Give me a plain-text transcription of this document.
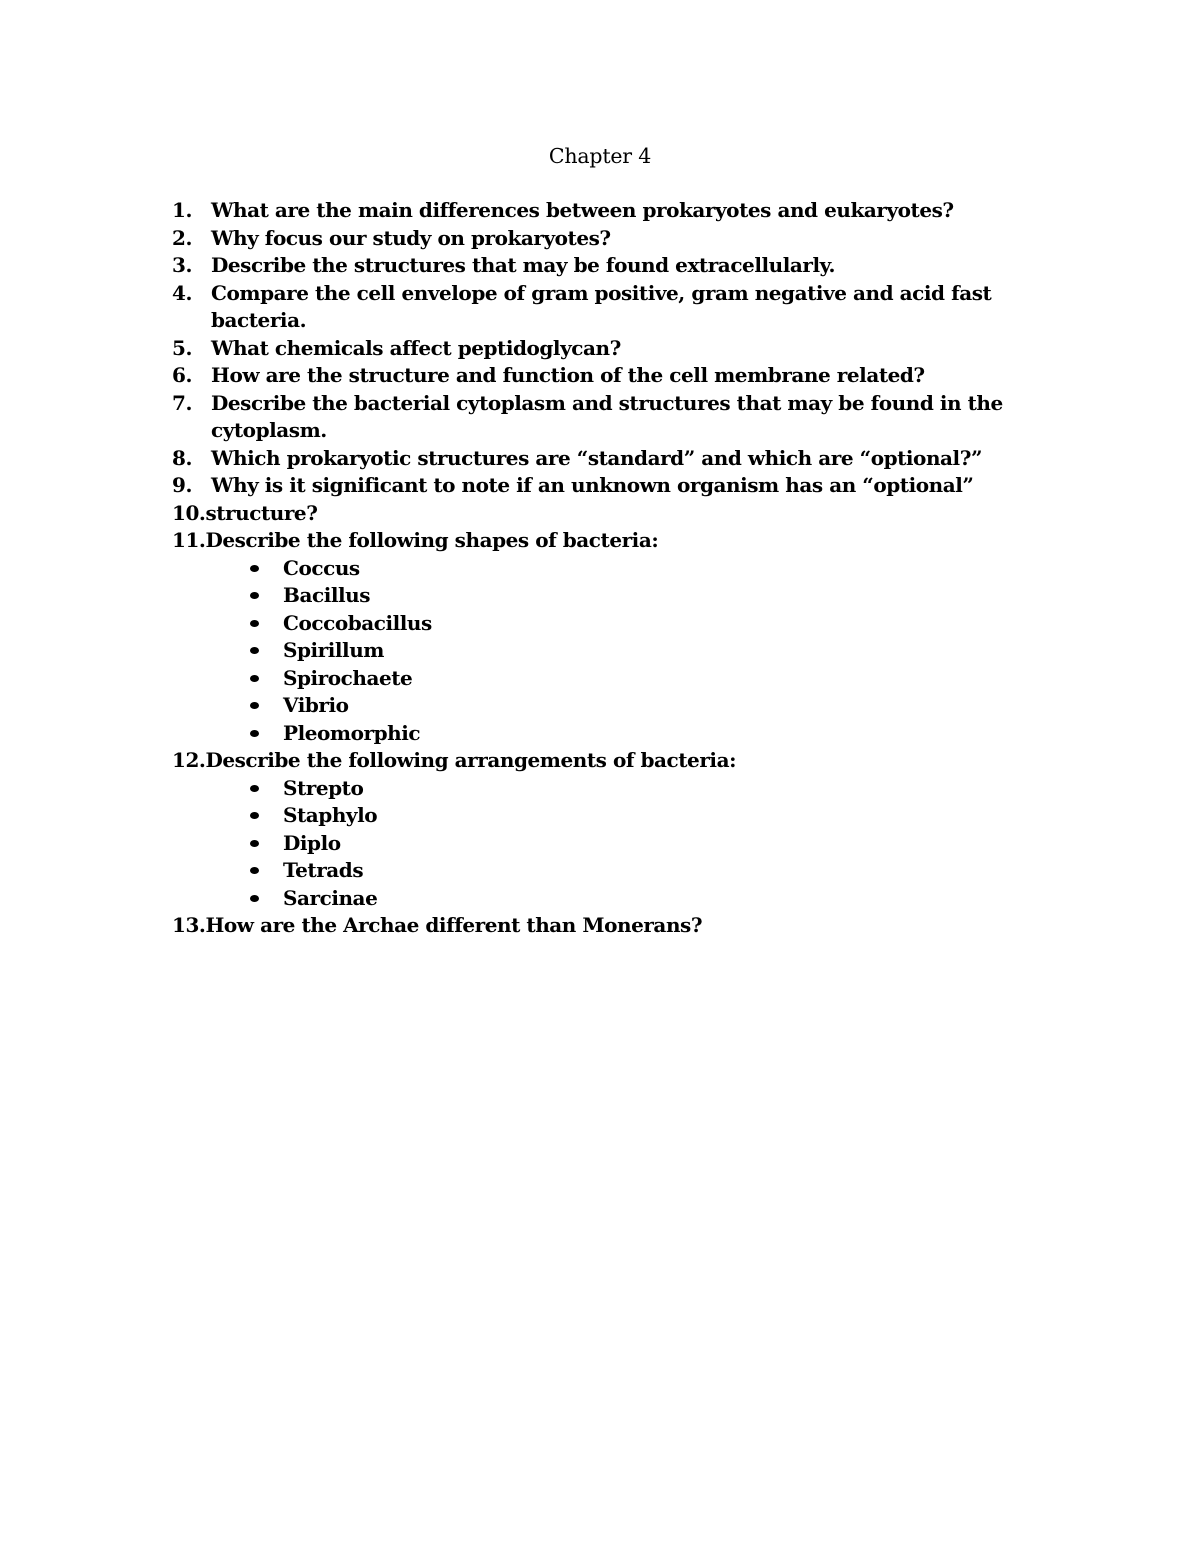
Chapter 4
1. What are the main differences between prokaryotes and eukaryotes?
2. Why focus our study on prokaryotes?
3. Describe the structures that may be found extracellularly.
4. Compare the cell envelope of gram positive, gram negative and acid fast
bacteria.
5. What chemicals affect peptidoglycan?
6. How are the structure and function of the cell membrane related?
7. Describe the bacterial cytoplasm and structures that may be found in the
cytoplasm.
8. Which prokaryotic structures are “standard” and which are “optional?”
9. Why is it significant to note if an unknown organism has an “optional”
10.structure?
11.Describe the following shapes of bacteria:
Coccus
Bacillus
Coccobacillus
Spirillum
Spirochaete
Vibrio
Pleomorphic
12.Describe the following arrangements of bacteria:
Strepto
Staphylo
Diplo
Tetrads
Sarcinae
13.How are the Archae different than Monerans?
